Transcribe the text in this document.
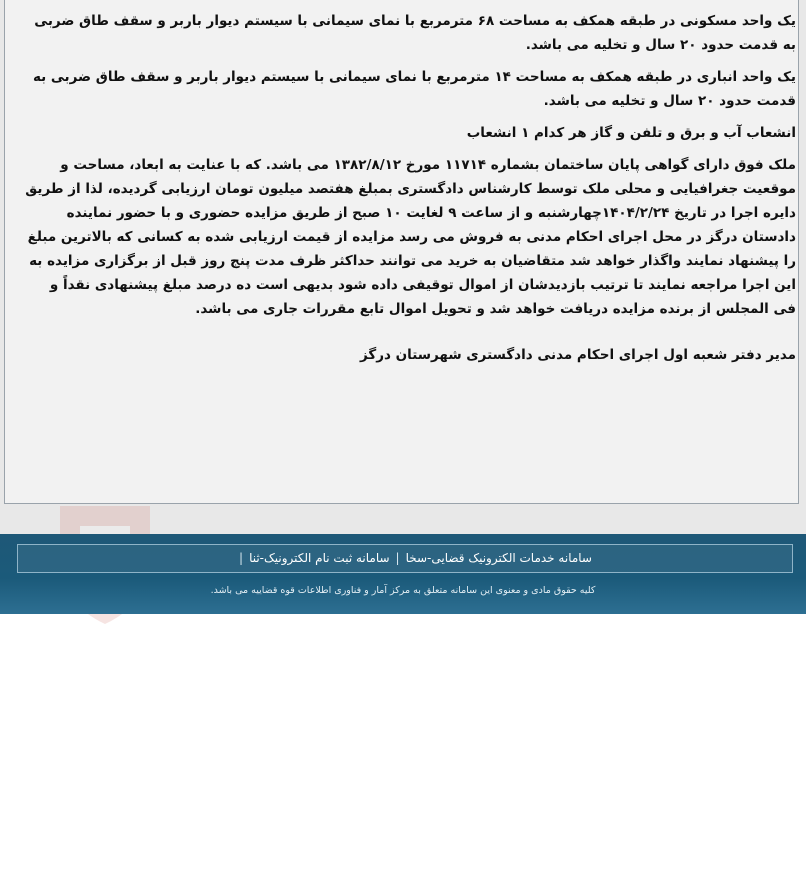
یک واحد مسکونی در طبقه همکف به مساحت ۶۸ مترمربع با نمای سیمانی با سیستم دیوار باربر و سقف طاق ضربی به قدمت حدود ۲۰ سال و تخلیه می باشد.

یک واحد انباری در طبقه همکف به مساحت ۱۴ مترمربع با نمای سیمانی با سیستم دیوار باربر و سقف طاق ضربی به قدمت حدود ۲۰ سال و تخلیه می باشد.

انشعاب آب و برق و تلفن و گاز هر کدام ۱ انشعاب

ملک فوق دارای گواهی پایان ساختمان بشماره ۱۱۷۱۴ مورخ ۱۳۸۲/۸/۱۲ می باشد. که با عنایت به ابعاد، مساحت و موقعیت جغرافیایی و محلی ملک توسط کارشناس دادگستری بمبلغ هفتصد میلیون تومان ارزیابی گردیده، لذا از طریق دایره اجرا در تاریخ ۱۴۰۴/۲/۲۴چهارشنبه و از ساعت ۹ لغایت ۱۰ صبح از طریق مزایده حضوری و با حضور نماینده دادستان درگز در محل اجرای احکام مدنی به فروش می رسد مزایده از قیمت ارزیابی شده به کسانی که بالاترین مبلغ را پیشنهاد نمایند واگذار خواهد شد متقاضیان به خرید می توانند حداکثر ظرف مدت پنج روز قبل از برگزاری مزایده به این اجرا مراجعه نمایند تا ترتیب بازدیدشان از اموال توقیفی داده شود بدیهی است ده درصد مبلغ پیشنهادی نقداً و فی المجلس از برنده مزایده دریافت خواهد شد و تحویل اموال تابع مقررات جاری می باشد.

مدیر دفتر شعبه اول اجرای احکام مدنی دادگستری شهرستان درگز

سامانه خدمات الکترونیک قضایی-سخا|سامانه ثبت نام الکترونیک-ثنا|
کلیه حقوق مادی و معنوی این سامانه متعلق به مرکز آمار و فناوری اطلاعات قوه قضاییه می باشد.
